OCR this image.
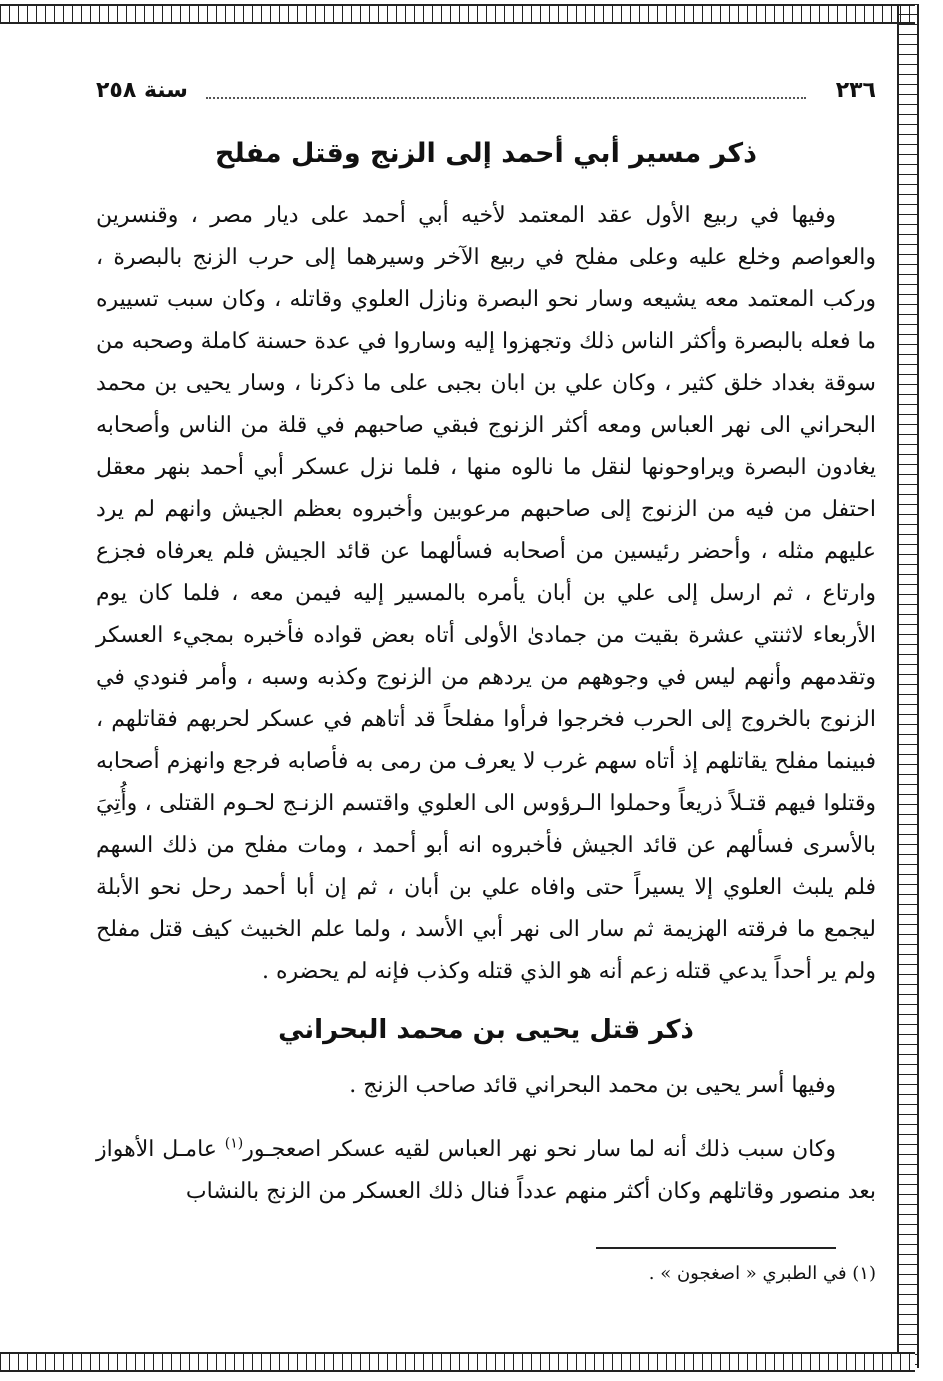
٢٣٦
سنة ٢٥٨
ذكر مسير أبي أحمد إلى الزنج وقتل مفلح

وفيها في ربيع الأول عقد المعتمد لأخيه أبي أحمد على ديار مصر ، وقنسرين والعواصم وخلع عليه وعلى مفلح في ربيع الآخر وسيرهما إلى حرب الزنج بالبصرة ، وركب المعتمد معه يشيعه وسار نحو البصرة ونازل العلوي وقاتله ، وكان سبب تسييره ما فعله بالبصرة وأكثر الناس ذلك وتجهزوا إليه وساروا في عدة حسنة كاملة وصحبه من سوقة بغداد خلق كثير ، وكان علي بن ابان بجبى على ما ذكرنا ، وسار يحيى بن محمد البحراني الى نهر العباس ومعه أكثر الزنوج فبقي صاحبهم في قلة من الناس وأصحابه يغادون البصرة ويراوحونها لنقل ما نالوه منها ، فلما نزل عسكر أبي أحمد بنهر معقل احتفل من فيه من الزنوج إلى صاحبهم مرعوبين وأخبروه بعظم الجيش وانهم لم يرد عليهم مثله ، وأحضر رئيسين من أصحابه فسألهما عن قائد الجيش فلم يعرفاه فجزع وارتاع ، ثم ارسل إلى علي بن أبان يأمره بالمسير إليه فيمن معه ، فلما كان يوم الأربعاء لاثنتي عشرة بقيت من جمادىٰ الأولى أتاه بعض قواده فأخبره بمجيء العسكر وتقدمهم وأنهم ليس في وجوههم من يردهم من الزنوج وكذبه وسبه ، وأمر فنودي في الزنوج بالخروج إلى الحرب فخرجوا فرأوا مفلحاً قد أتاهم في عسكر لحربهم فقاتلهم ، فبينما مفلح يقاتلهم إذ أتاه سهم غرب لا يعرف من رمى به فأصابه فرجع وانهزم أصحابه وقتلوا فيهم قتـلاً ذريعاً وحملوا الـرؤوس الى العلوي واقتسم الزنـج لحـوم القتلى ، وأُتِيَ بالأسرى فسألهم عن قائد الجيش فأخبروه انه أبو أحمد ، ومات مفلح من ذلك السهم فلم يلبث العلوي إلا يسيراً حتى وافاه علي بن أبان ، ثم إن أبا أحمد رحل نحو الأبلة ليجمع ما فرقته الهزيمة ثم سار الى نهر أبي الأسد ، ولما علم الخبيث كيف قتل مفلح ولم ير أحداً يدعي قتله زعم أنه هو الذي قتله وكذب فإنه لم يحضره .

ذكر قتل يحيى بن محمد البحراني

وفيها أسر يحيى بن محمد البحراني قائد صاحب الزنج .

وكان سبب ذلك أنه لما سار نحو نهر العباس لقيه عسكر اصعجـور$^{(١)}$ عامـل الأهواز بعد منصور وقاتلهم وكان أكثر منهم عدداً فنال ذلك العسكر من الزنج بالنشاب

(١) في الطبري « اصغجون » .
